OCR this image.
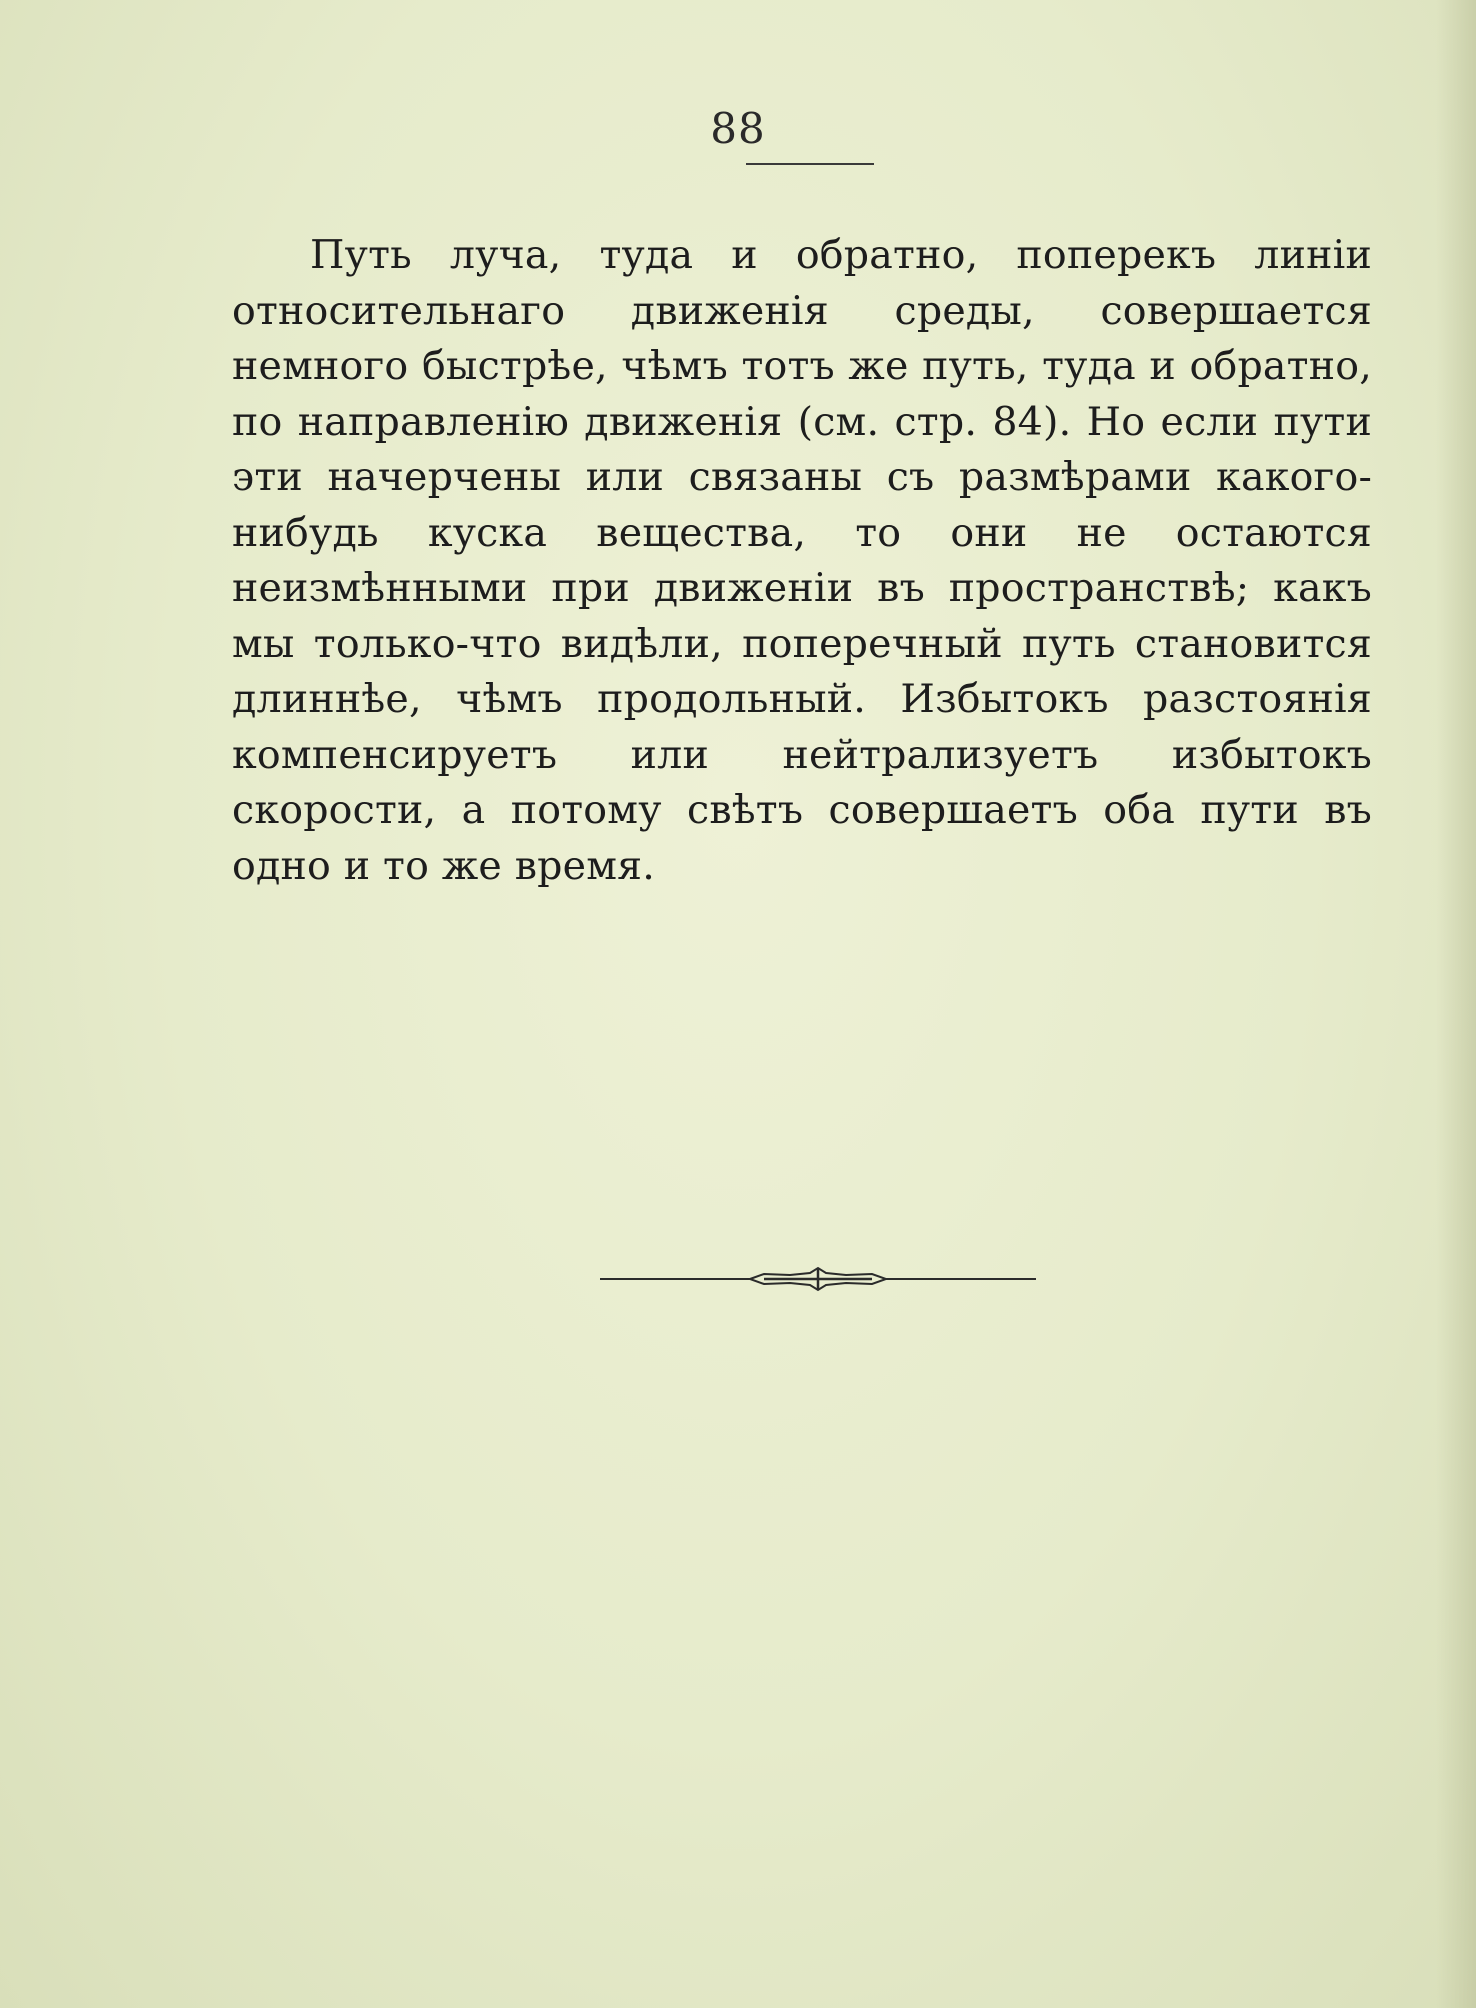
88

Путь луча, туда и обратно, поперекъ линіи относительнаго движенія среды, совершается немного быстрѣе, чѣмъ тотъ же путь, туда и обратно, по направленію движенія (см. стр. 84). Но если пути эти начерчены или связаны съ размѣрами какого-нибудь куска вещества, то они не остаются неизмѣнными при движеніи въ пространствѣ; какъ мы только-что видѣли, поперечный путь становится длиннѣе, чѣмъ продольный. Избытокъ разстоянія компенсируетъ или нейтрализуетъ избытокъ скорости, а потому свѣтъ совершаетъ оба пути въ одно и то же время.
